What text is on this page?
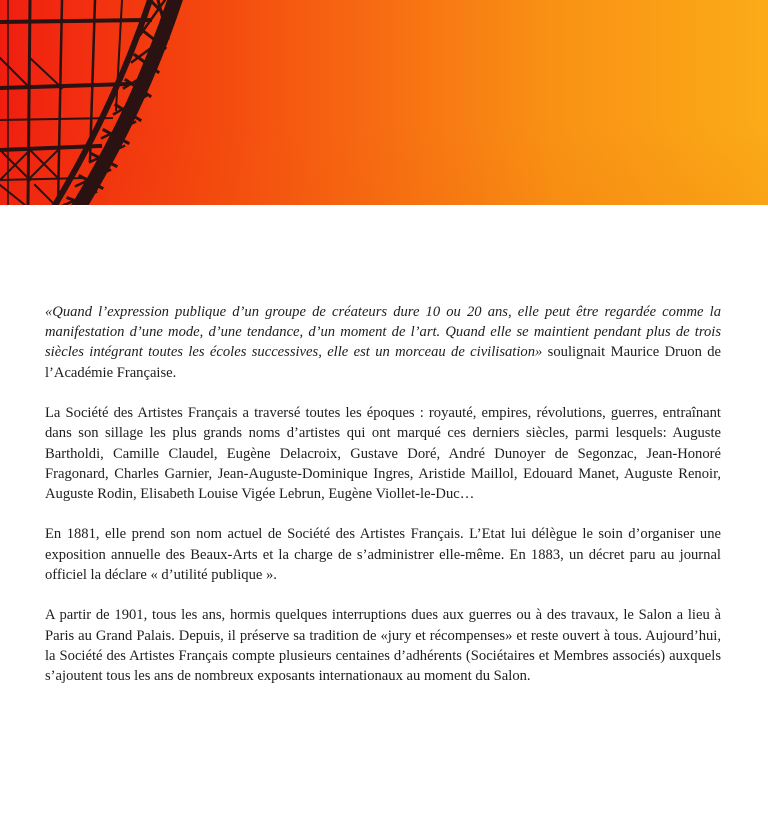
«Quand l’expression publique d’un groupe de créateurs dure 10 ou 20 ans, elle peut être regardée comme la manifestation d’une mode, d’une tendance, d’un moment de l’art. Quand elle se maintient pendant plus de trois siècles intégrant toutes les écoles successives, elle est un morceau de civilisation» soulignait Maurice Druon de l’Académie Française.

La Société des Artistes Français a traversé toutes les époques : royauté, empires, révolutions, guerres, entraînant dans son sillage les plus grands noms d’artistes qui ont marqué ces derniers siècles, parmi lesquels: Auguste Bartholdi, Camille Claudel, Eugène Delacroix, Gustave Doré, André Dunoyer de Segonzac, Jean-Honoré Fragonard, Charles Garnier, Jean-Auguste-Dominique Ingres, Aristide Maillol, Edouard Manet, Auguste Renoir, Auguste Rodin, Elisabeth Louise Vigée Lebrun, Eugène Viollet-le-Duc…

En 1881, elle prend son nom actuel de Société des Artistes Français. L’Etat lui délègue le soin d’organiser une exposition annuelle des Beaux-Arts et la charge de s’administrer elle-même. En 1883, un décret paru au journal officiel la déclare « d’utilité publique ».

A partir de 1901, tous les ans, hormis quelques interruptions dues aux guerres ou à des travaux, le Salon a lieu à Paris au Grand Palais. Depuis, il préserve sa tradition de «jury et récompenses» et reste ouvert à tous. Aujourd’hui, la Société des Artistes Français compte plusieurs centaines d’adhérents (Sociétaires et Membres associés) auxquels s’ajoutent tous les ans de nombreux exposants internationaux au moment du Salon.
